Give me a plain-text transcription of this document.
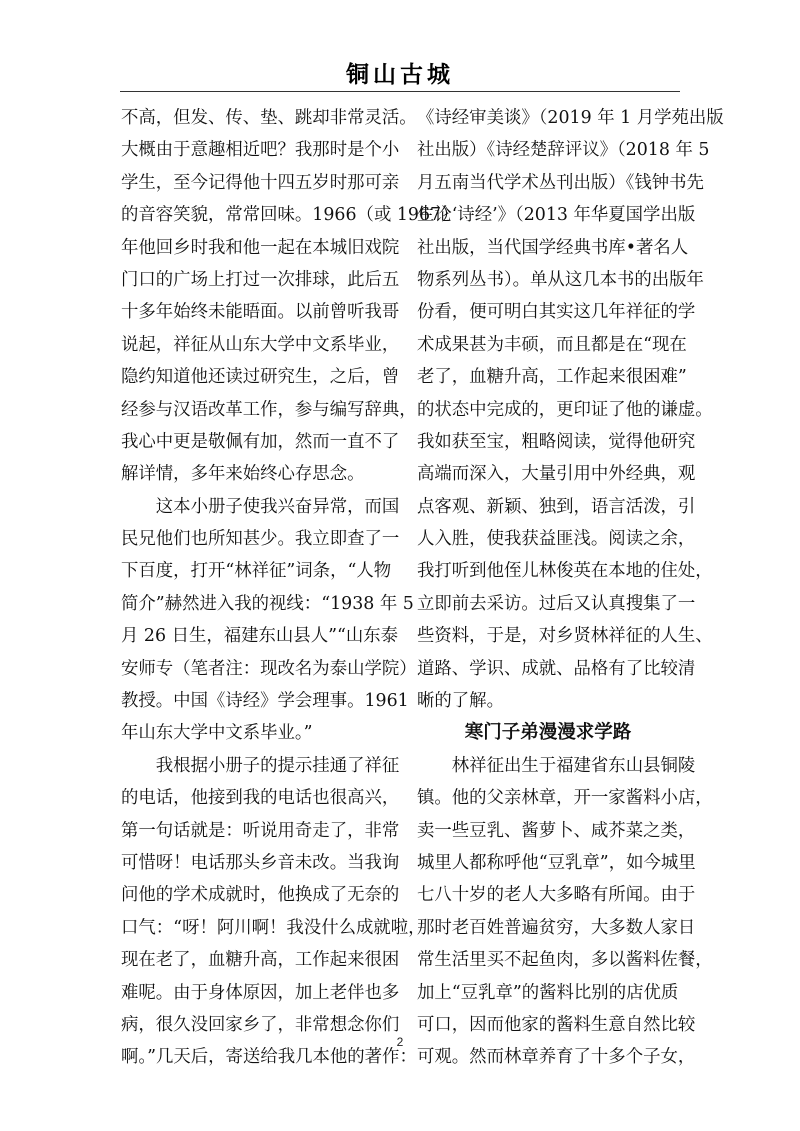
铜山古城
不高，但发、传、垫、跳却非常灵活。
大概由于意趣相近吧？我那时是个小
学生，至今记得他十四五岁时那可亲
的音容笑貌，常常回味。1966（或 1967）
年他回乡时我和他一起在本城旧戏院
门口的广场上打过一次排球，此后五
十多年始终未能晤面。以前曾听我哥
说起，祥征从山东大学中文系毕业，
隐约知道他还读过研究生，之后，曾
经参与汉语改革工作，参与编写辞典，
我心中更是敬佩有加，然而一直不了
解详情，多年来始终心存思念。
　　这本小册子使我兴奋异常，而国
民兄他们也所知甚少。我立即查了一
下百度，打开“林祥征”词条，“人物
简介”赫然进入我的视线：“1938 年 5
月 26 日生，福建东山县人”“山东泰
安师专（笔者注：现改名为泰山学院）
教授。中国《诗经》学会理事。1961
年山东大学中文系毕业。”
　　我根据小册子的提示挂通了祥征
的电话，他接到我的电话也很高兴，
第一句话就是：听说用奇走了，非常
可惜呀！电话那头乡音未改。当我询
问他的学术成就时，他换成了无奈的
口气：“呀！阿川啊！我没什么成就啦，
现在老了，血糖升高，工作起来很困
难呢。由于身体原因，加上老伴也多
病，很久没回家乡了，非常想念你们
啊。”几天后，寄送给我几本他的著作：
《诗经审美谈》（2019 年 1 月学苑出版
社出版）《诗经楚辞评议》（2018 年 5
月五南当代学术丛刊出版）《钱钟书先
生论‘诗经’》（2013 年华夏国学出版
社出版，当代国学经典书库•著名人
物系列丛书）。单从这几本书的出版年
份看，便可明白其实这几年祥征的学
术成果甚为丰硕，而且都是在“现在
老了，血糖升高，工作起来很困难”
的状态中完成的，更印证了他的谦虚。
我如获至宝，粗略阅读，觉得他研究
高端而深入，大量引用中外经典，观
点客观、新颖、独到，语言活泼，引
人入胜，使我获益匪浅。阅读之余，
我打听到他侄儿林俊英在本地的住处，
立即前去采访。过后又认真搜集了一
些资料，于是，对乡贤林祥征的人生、
道路、学识、成就、品格有了比较清
晰的了解。
寒门子弟漫漫求学路
　　林祥征出生于福建省东山县铜陵
镇。他的父亲林章，开一家酱料小店，
卖一些豆乳、酱萝卜、咸芥菜之类，
城里人都称呼他“豆乳章”，如今城里
七八十岁的老人大多略有所闻。由于
那时老百姓普遍贫穷，大多数人家日
常生活里买不起鱼肉，多以酱料佐餐，
加上“豆乳章”的酱料比别的店优质
可口，因而他家的酱料生意自然比较
可观。然而林章养育了十多个子女，
2
